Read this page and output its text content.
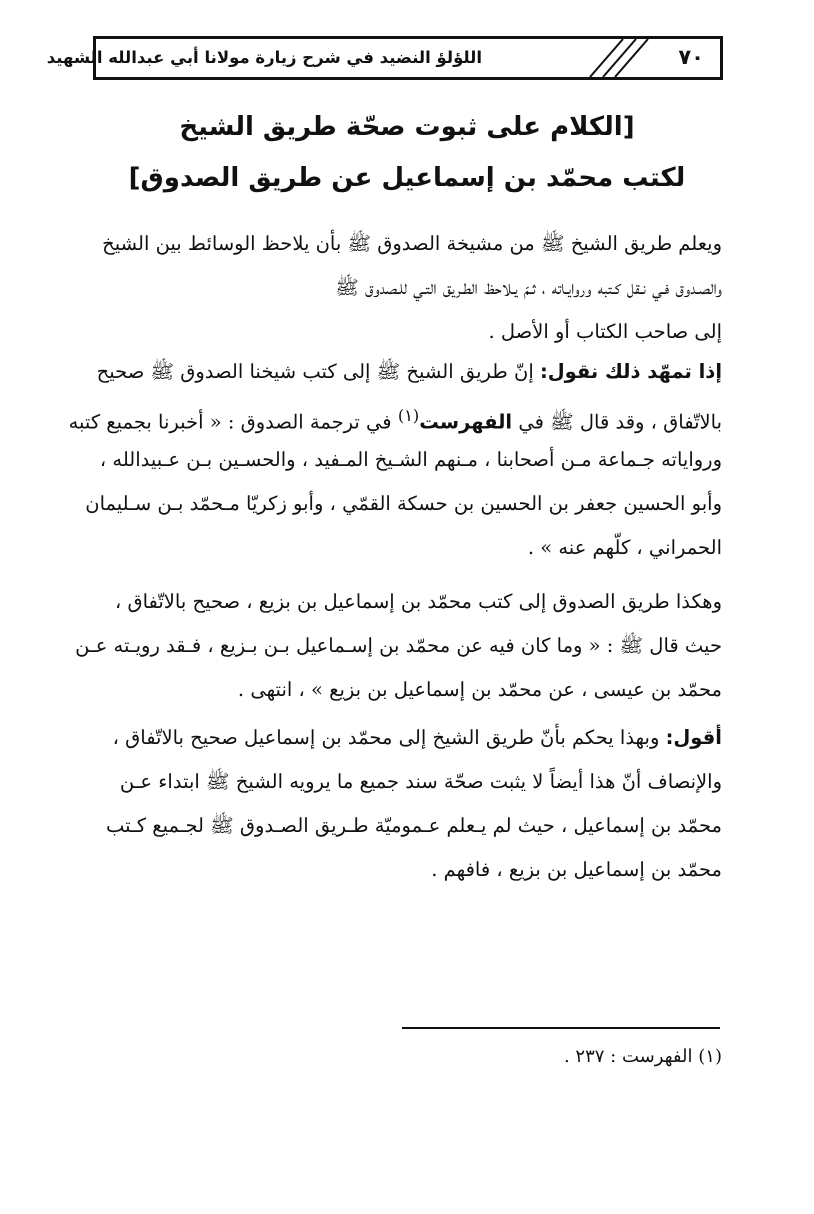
٧٠
اللؤلؤ النضيد في شرح زيارة مولانا أبي عبدالله الشهيد
[الكلام على ثبوت صحّة طريق الشيخ
لكتب محمّد بن إسماعيل عن طريق الصدوق]
ويعلم طريق الشيخ ﷺ من مشيخة الصدوق ﷺ بأن يلاحظ الوسائط بين الشيخ
والصـدوق فـي نـقل كـتبه وروايـاته ، ثـمّ يـلاحظ الطـريق التـي للـصدوق ﷺ
إلى صاحب الكتاب أو الأصل .
إذا تمهّد ذلك نقول: إنّ طريق الشيخ ﷺ إلى كتب شيخنا الصدوق ﷺ صحيح
بالاتّفاق ، وقد قال ﷺ في الفهرست$^{(١)}$ في ترجمة الصدوق : « أخبرنا بجميع كتبه
ورواياته جـماعة مـن أصحابنا ، مـنهم الشـيخ المـفيد ، والحسـين بـن عـبيدالله ،
وأبو الحسين جعفر بن الحسين بن حسكة القمّي ، وأبو زكريّا مـحمّد بـن سـليمان
الحمراني ، كلّهم عنه » .
وهكذا طريق الصدوق إلى كتب محمّد بن إسماعيل بن بزيع ، صحيح بالاتّفاق ،
حيث قال ﷺ : « وما كان فيه عن محمّد بن إسـماعيل بـن بـزيع ، فـقد رويـته عـن
محمّد بن عيسى ، عن محمّد بن إسماعيل بن بزيع » ، انتهى .
أقول: وبهذا يحكم بأنّ طريق الشيخ إلى محمّد بن إسماعيل صحيح بالاتّفاق ،
والإنصاف أنّ هذا أيضاً لا يثبت صحّة سند جميع ما يرويه الشيخ ﷺ ابتداء عـن
محمّد بن إسماعيل ، حيث لم يـعلم عـموميّة طـريق الصـدوق ﷺ لجـميع كـتب
محمّد بن إسماعيل بن بزيع ، فافهم .
(١) الفهرست : ٢٣٧ .
